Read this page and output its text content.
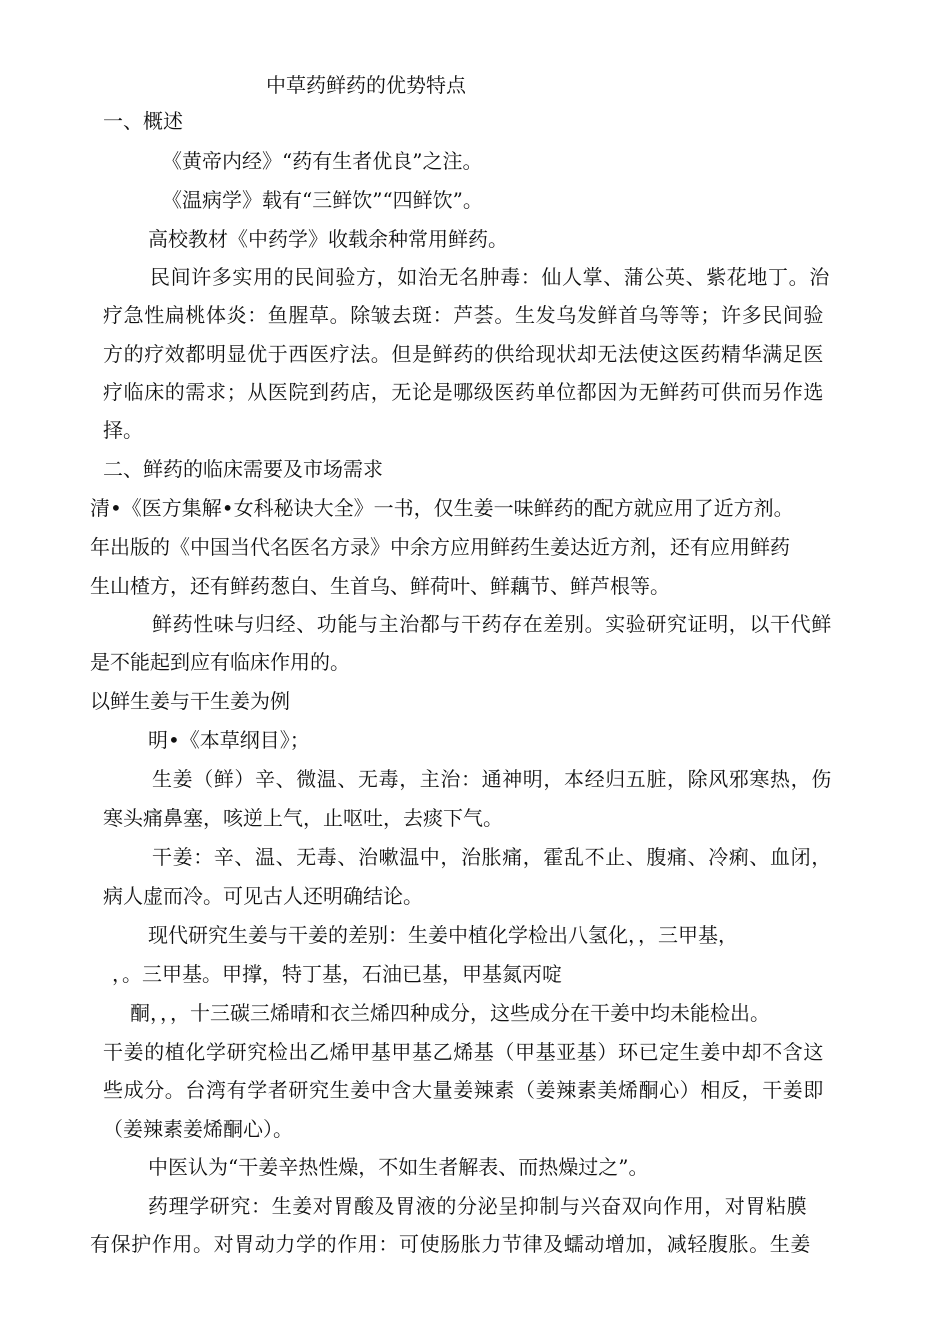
中草药鲜药的优势特点
一、概述
《黄帝内经》“药有生者优良”之注。
《温病学》载有“三鲜饮”“四鲜饮”。
高校教材《中药学》收载余种常用鲜药。
民间许多实用的民间验方，如治无名肿毒：仙人掌、蒲公英、紫花地丁。治
疗急性扁桃体炎：鱼腥草。除皱去斑：芦荟。生发乌发鲜首乌等等；许多民间验
方的疗效都明显优于西医疗法。但是鲜药的供给现状却无法使这医药精华满足医
疗临床的需求；从医院到药店，无论是哪级医药单位都因为无鲜药可供而另作选
择。
二、鲜药的临床需要及市场需求
清•《医方集解•女科秘诀大全》一书，仅生姜一味鲜药的配方就应用了近方剂。
年出版的《中国当代名医名方录》中余方应用鲜药生姜达近方剂，还有应用鲜药
生山楂方，还有鲜药葱白、生首乌、鲜荷叶、鲜藕节、鲜芦根等。
鲜药性味与归经、功能与主治都与干药存在差别。实验研究证明，以干代鲜
是不能起到应有临床作用的。
以鲜生姜与干生姜为例
明•《本草纲目》；
生姜（鲜）辛、微温、无毒，主治：通神明，本经归五脏，除风邪寒热，伤
寒头痛鼻塞，咳逆上气，止呕吐，去痰下气。
干姜：辛、温、无毒、治嗽温中，治胀痛，霍乱不止、腹痛、冷痢、血闭，
病人虚而冷。可见古人还明确结论。
现代研究生姜与干姜的差别：生姜中植化学检出八氢化，，三甲基，
，。三甲基。甲撑，特丁基，石油已基，甲基氮丙啶
酮，，，十三碳三烯晴和衣兰烯四种成分，这些成分在干姜中均未能检出。
干姜的植化学研究检出乙烯甲基甲基乙烯基（甲基亚基）环已定生姜中却不含这
些成分。台湾有学者研究生姜中含大量姜辣素（姜辣素美烯酮心）相反，干姜即
（姜辣素姜烯酮心）。
中医认为“干姜辛热性燥，不如生者解表、而热燥过之”。
药理学研究：生姜对胃酸及胃液的分泌呈抑制与兴奋双向作用，对胃粘膜
有保护作用。对胃动力学的作用：可使肠胀力节律及蠕动增加，减轻腹胀。生姜
